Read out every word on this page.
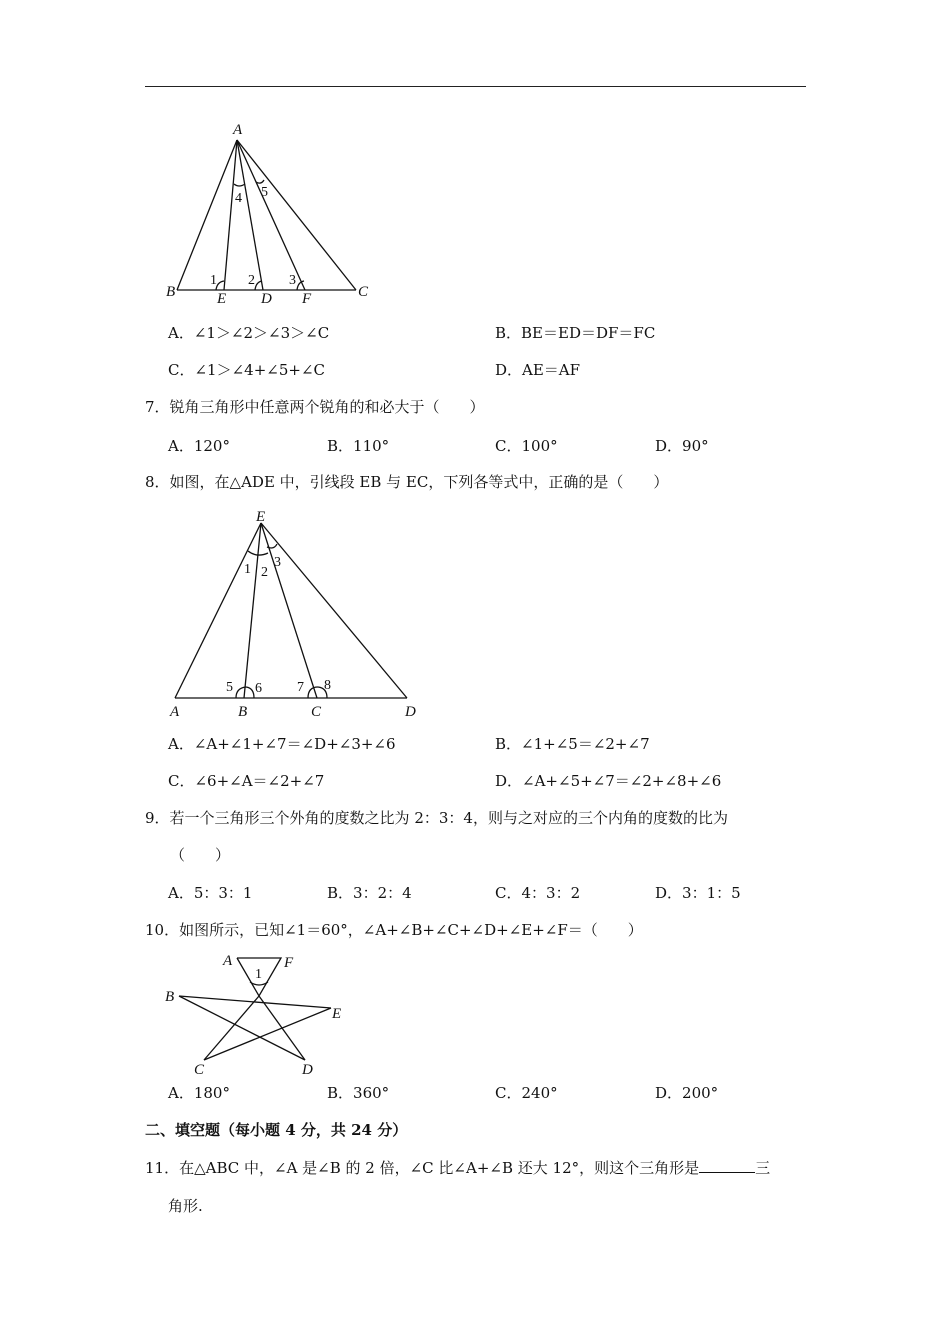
A
B	E D F	C
1 2 3
4 5
A．∠1＞∠2＞∠3＞∠C	B．BE＝ED＝DF＝FC
C．∠1＞∠4+∠5+∠C	D．AE＝AF
7．锐角三角形中任意两个锐角的和必大于（　　）
A．120°	B．110°	C．100°	D．90°
8．如图，在△ADE 中，引线段 EB 与 EC，下列各等式中，正确的是（　　）
E
A	B	C	D
1 2
3
5 6	7 8
A．∠A+∠1+∠7＝∠D+∠3+∠6	B．∠1+∠5＝∠2+∠7
C．∠6+∠A＝∠2+∠7	D．∠A+∠5+∠7＝∠2+∠8+∠6
9．若一个三角形三个外角的度数之比为 2：3：4，则与之对应的三个内角的度数的比为
（　　）
A．5：3：1	B．3：2：4	C．4：3：2	D．3：1：5
10．如图所示，已知∠1＝60°，∠A+∠B+∠C+∠D+∠E+∠F＝（　　）
A	F
B
E
C	D
1
A．180°	B．360°	C．240°	D．200°
二、填空题（每小题 4 分，共 24 分）
11．在△ABC 中，∠A 是∠B 的 2 倍，∠C 比∠A+∠B 还大 12°，则这个三角形是	三
角形.
